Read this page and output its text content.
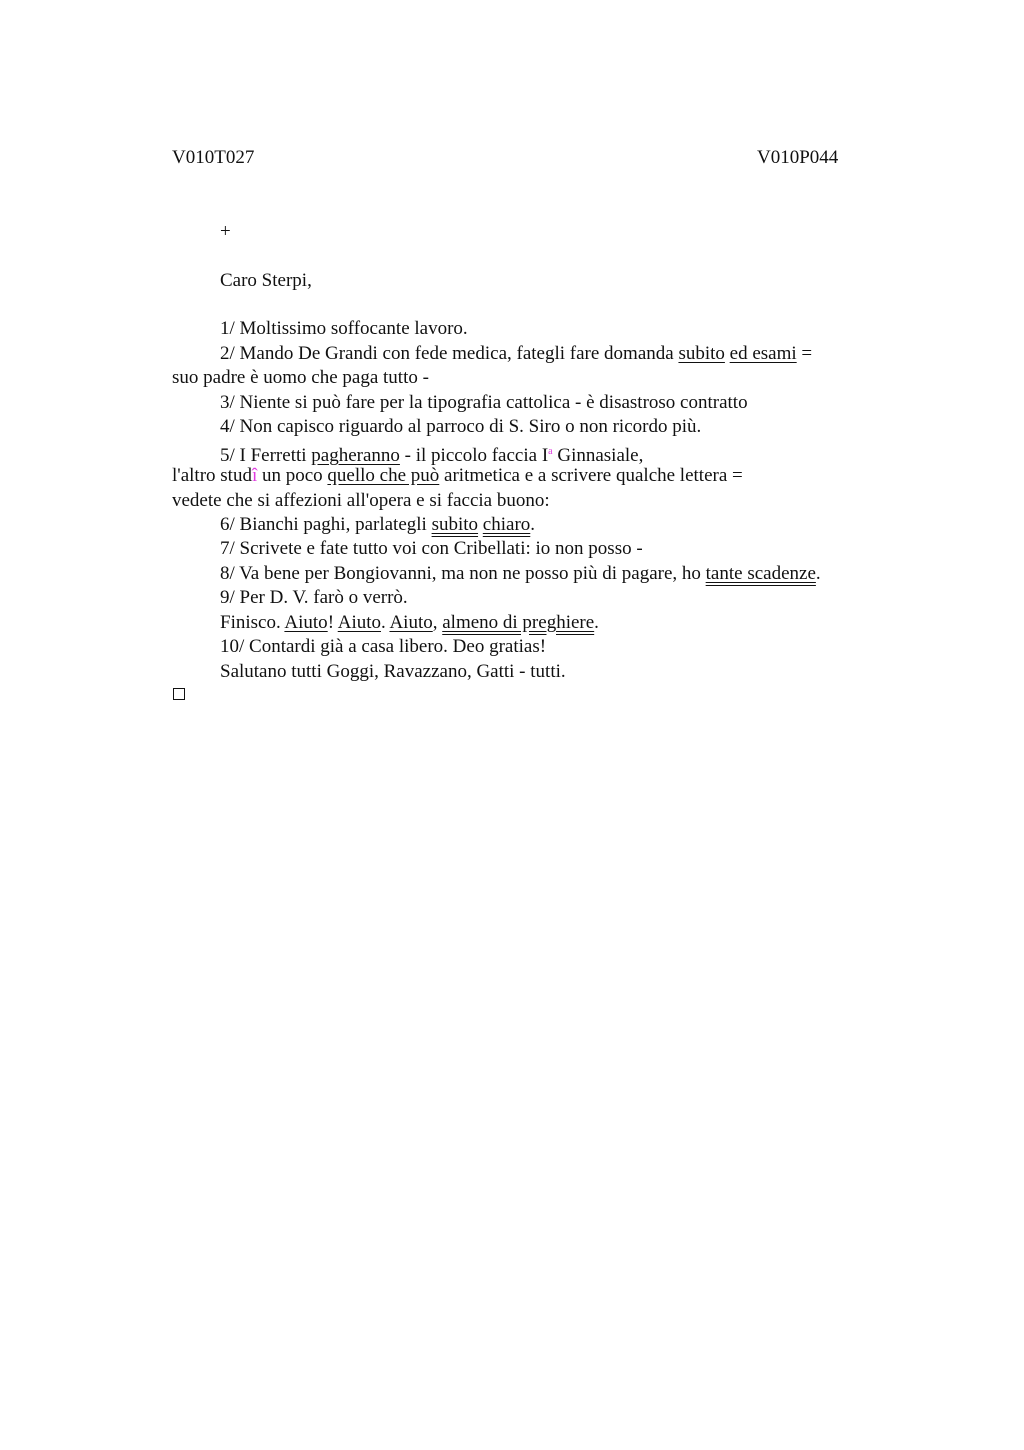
V010T027	V010P044
+
Caro Sterpi,
1/ Moltissimo soffocante lavoro.
2/ Mando De Grandi con fede medica, fategli fare domanda subito ed esami =
suo padre è uomo che paga tutto -
3/ Niente si può fare per la tipografia cattolica - è disastroso contratto
4/ Non capisco riguardo al parroco di S. Siro o non ricordo più.
5/ I Ferretti pagheranno - il piccolo faccia $I^a$ Ginnasiale,
l'altro studî un poco quello che può aritmetica e a scrivere qualche lettera =
vedete che si affezioni all'opera e si faccia buono:
6/ Bianchi paghi, parlategli subito chiaro.
7/ Scrivete e fate tutto voi con Cribellati: io non posso -
8/ Va bene per Bongiovanni, ma non ne posso più di pagare, ho tante scadenze.
9/ Per D. V. farò o verrò.
Finisco. Aiuto! Aiuto. Aiuto, almeno di preghiere.
10/ Contardi già a casa libero. Deo gratias!
Salutano tutti Goggi, Ravazzano, Gatti - tutti.
